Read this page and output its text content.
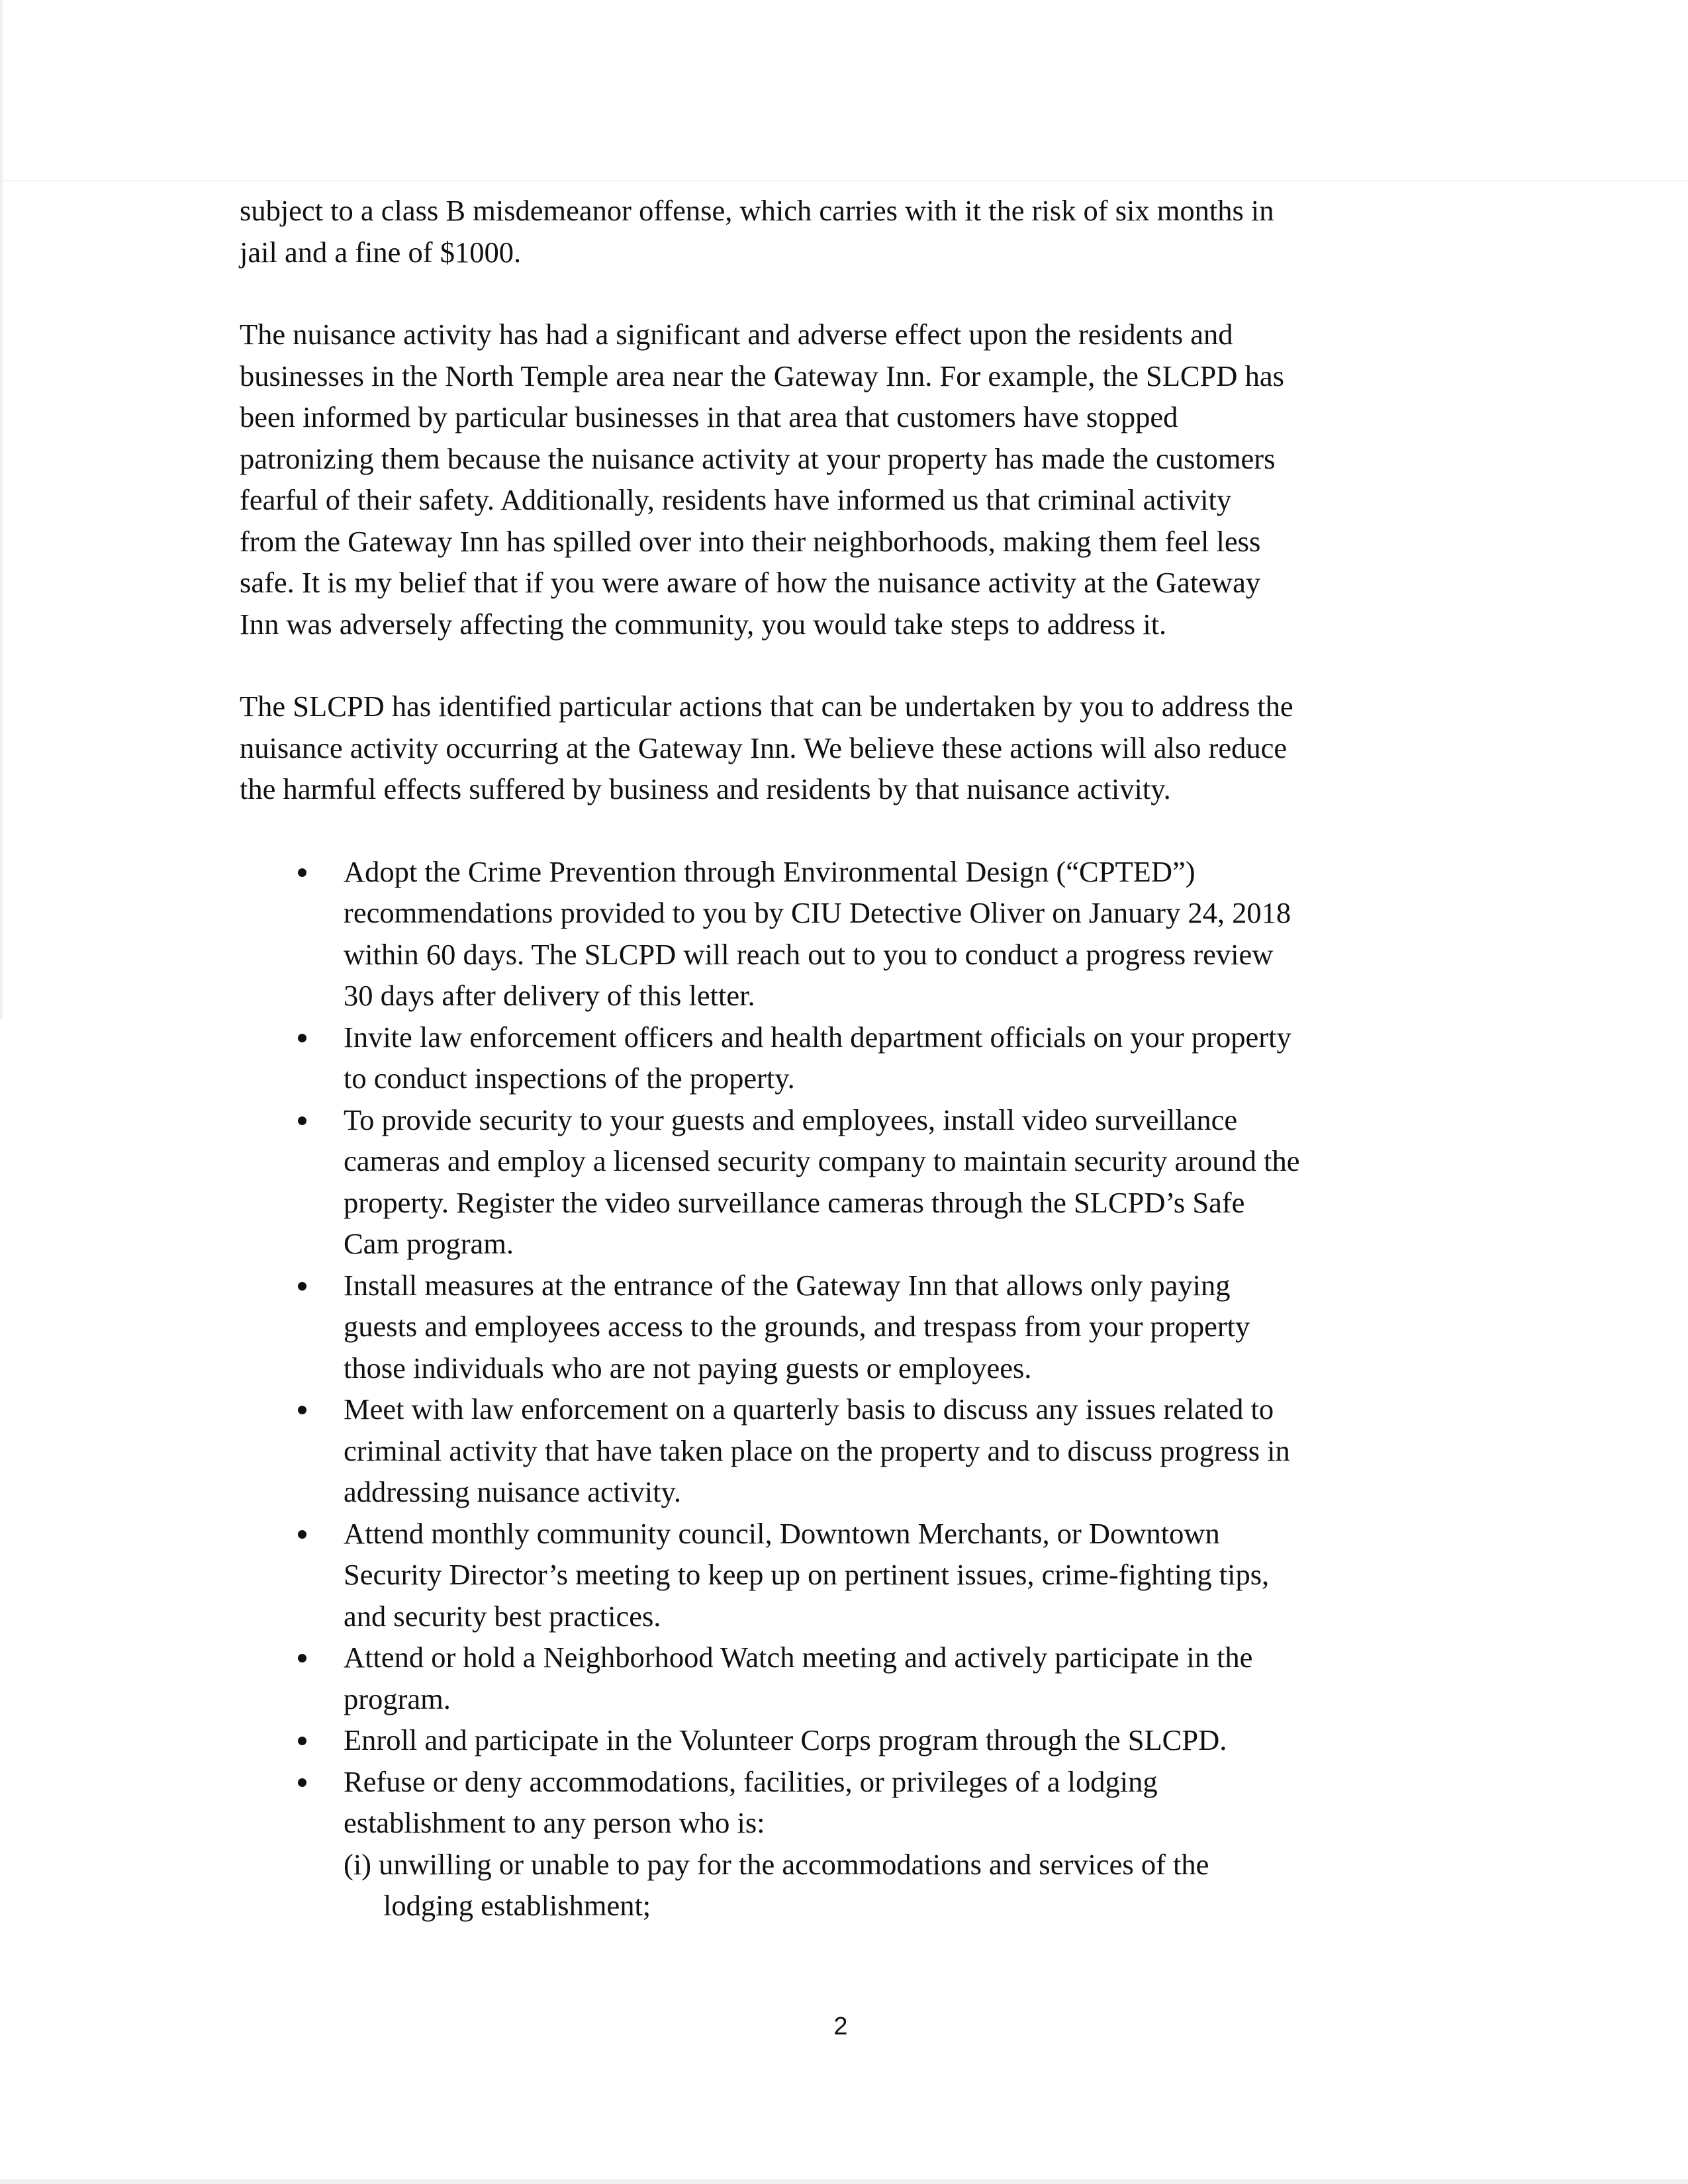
subject to a class B misdemeanor offense, which carries with it the risk of six months in
jail and a fine of $1000.

The nuisance activity has had a significant and adverse effect upon the residents and
businesses in the North Temple area near the Gateway Inn. For example, the SLCPD has
been informed by particular businesses in that area that customers have stopped
patronizing them because the nuisance activity at your property has made the customers
fearful of their safety. Additionally, residents have informed us that criminal activity
from the Gateway Inn has spilled over into their neighborhoods, making them feel less
safe. It is my belief that if you were aware of how the nuisance activity at the Gateway
Inn was adversely affecting the community, you would take steps to address it.

The SLCPD has identified particular actions that can be undertaken by you to address the
nuisance activity occurring at the Gateway Inn. We believe these actions will also reduce
the harmful effects suffered by business and residents by that nuisance activity.

Adopt the Crime Prevention through Environmental Design (“CPTED”)
recommendations provided to you by CIU Detective Oliver on January 24, 2018
within 60 days. The SLCPD will reach out to you to conduct a progress review
30 days after delivery of this letter.
Invite law enforcement officers and health department officials on your property
to conduct inspections of the property.
To provide security to your guests and employees, install video surveillance
cameras and employ a licensed security company to maintain security around the
property. Register the video surveillance cameras through the SLCPD’s Safe
Cam program.
Install measures at the entrance of the Gateway Inn that allows only paying
guests and employees access to the grounds, and trespass from your property
those individuals who are not paying guests or employees.
Meet with law enforcement on a quarterly basis to discuss any issues related to
criminal activity that have taken place on the property and to discuss progress in
addressing nuisance activity.
Attend monthly community council, Downtown Merchants, or Downtown
Security Director’s meeting to keep up on pertinent issues, crime-fighting tips,
and security best practices.
Attend or hold a Neighborhood Watch meeting and actively participate in the
program.
Enroll and participate in the Volunteer Corps program through the SLCPD.
Refuse or deny accommodations, facilities, or privileges of a lodging
establishment to any person who is:
(i) unwilling or unable to pay for the accommodations and services of the
lodging establishment;
2
